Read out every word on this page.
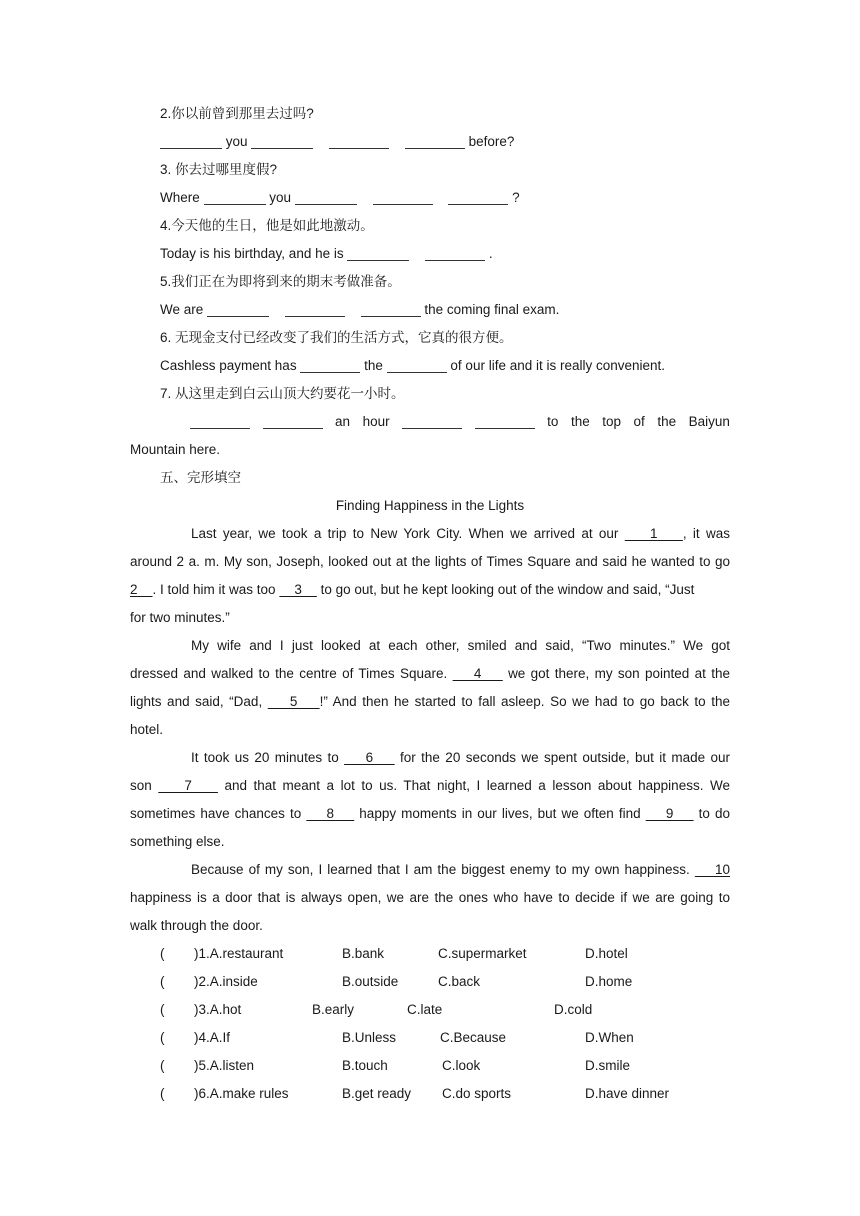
2.你以前曾到那里去过吗?
you	before?
3. 你去过哪里度假?
Where	you	?
4.今天他的生日，他是如此地激动。
Today is his birthday, and he is	.
5.我们正在为即将到来的期末考做准备。
We are	the coming final exam.
6. 无现金支付已经改变了我们的生活方式，它真的很方便。
Cashless payment has	the	of our life and it is really convenient.
7. 从这里走到白云山顶大约要花一小时。
an hour	to the top of the Baiyun
Mountain here.
五、完形填空
Finding Happiness in the Lights
Last year, we took a trip to New York City. When we arrived at our     1    , it was
around 2 a. m. My son, Joseph, looked out at the lights of Times Square and said he wanted to go
2    . I told him it was too     3     to go out, but he kept looking out of the window and said, “Just
for two minutes.”
My wife and I just looked at each other, smiled and said, “Two minutes.” We got
dressed and walked to the centre of Times Square.     4     we got there, my son pointed at the
lights and said, “Dad,     5    !” And then he started to fall asleep. So we had to go back to the
hotel.
It took us 20 minutes to     6     for the 20 seconds we spent outside, but it made our
son     7     and that meant a lot to us. That night, I learned a lesson about happiness. We
sometimes have chances to     8     happy moments in our lives, but we often find     9     to do
something else.
Because of my son, I learned that I am the biggest enemy to my own happiness.     10
happiness is a door that is always open, we are the ones who have to decide if we are going to
walk through the door.
( )1.A.restaurant	B.bank	C.supermarket	D.hotel
( )2.A.inside	B.outside	C.back	D.home
( )3.A.hot	B.early	C.late	D.cold
( )4.A.If	B.Unless	C.Because	D.When
( )5.A.listen	B.touch	C.look	D.smile
( )6.A.make rules	B.get ready C.do sports	D.have dinner
